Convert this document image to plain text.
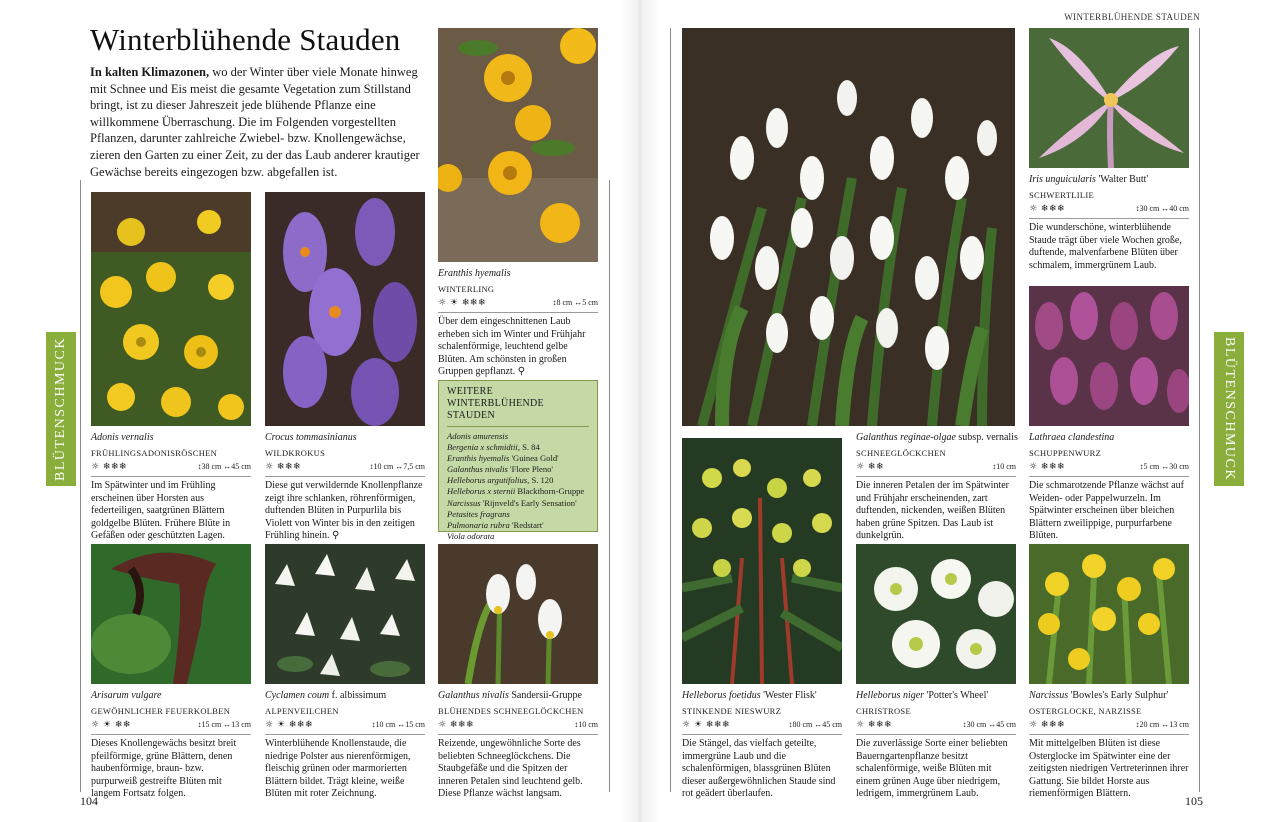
BLÜTENSCHMUCK
Winterblühende Stauden

In kalten Klimazonen, wo der Winter über viele Monate hinweg mit Schnee und Eis meist die gesamte Vegetation zum Stillstand bringt, ist zu dieser Jahreszeit jede blühende Pflanze eine willkommene Überraschung. Die im Folgenden vorgestellten Pflanzen, darunter zahlreiche Zwiebel- bzw. Knollengewächse, zieren den Garten zu einer Zeit, zu der das Laub anderer krautiger Gewächse bereits eingezogen bzw. abgefallen ist.

Adonis vernalis
FRÜHLINGSADONISRÖSCHEN
☼ ❄❄❄	↕38 cm ↔45 cm
Im Spätwinter und im Frühling erscheinen über Horsten aus federteiligen, saatgrünen Blättern goldgelbe Blüten. Frühere Blüte in Gefäßen oder geschützten Lagen.
Crocus tommasinianus
WILDKROKUS
☼ ❄❄❄	↕10 cm ↔7,5 cm
Diese gut verwildernde Knollenpflanze zeigt ihre schlanken, röhrenförmigen, duftenden Blüten in Purpurlila bis Violett von Winter bis in den zeitigen Frühling hinein. ⚲
Eranthis hyemalis
WINTERLING
☼ ☀ ❄❄❄	↕8 cm ↔5 cm
Über dem eingeschnittenen Laub erheben sich im Winter und Frühjahr schalenförmige, leuchtend gelbe Blüten. Am schönsten in großen Gruppen gepflanzt. ⚲
WEITERE WINTERBLÜHENDE STAUDEN
Adonis amurensis
Bergenia x schmidtii, S. 84
Eranthis hyemalis 'Guinea Gold'
Galanthus nivalis 'Flore Pleno'
Helleborus argutifolius, S. 120
Helleborus x sternii Blackthorn-Gruppe
Narcissus 'Rijnveld's Early Sensation'
Petasites fragrans
Pulmonaria rubra 'Redstart'
Viola odorata
Arisarum vulgare
GEWÖHNLICHER FEUERKOLBEN
☼ ☀ ❄❄	↕15 cm ↔13 cm
Dieses Knollengewächs besitzt breit pfeilförmige, grüne Blättern, denen haubenförmige, braun- bzw. purpurweiß gestreifte Blüten mit langem Fortsatz folgen.
Cyclamen coum f. albissimum
ALPENVEILCHEN
☼ ☀ ❄❄❄	↕10 cm ↔15 cm
Winterblühende Knollenstaude, die niedrige Polster aus nierenförmigen, fleischig grünen oder marmorierten Blättern bildet. Trägt kleine, weiße Blüten mit roter Zeichnung.
Galanthus nivalis Sandersii-Gruppe
BLÜHENDES SCHNEEGLÖCKCHEN
☼ ❄❄❄	↕10 cm
Reizende, ungewöhnliche Sorte des beliebten Schneeglöckchens. Die Staubgefäße und die Spitzen der inneren Petalen sind leuchtend gelb. Diese Pflanze wächst langsam.
104
WINTERBLÜHENDE STAUDEN
BLÜTENSCHMUCK
Galanthus reginae-olgae subsp. vernalis
SCHNEEGLÖCKCHEN
☼ ❄❄	↕10 cm
Die inneren Petalen der im Spätwinter und Frühjahr erscheinenden, zart duftenden, nickenden, weißen Blüten haben grüne Spitzen. Das Laub ist dunkelgrün.
Iris unguicularis 'Walter Butt'
SCHWERTLILIE
☼ ❄❄❄	↕30 cm ↔40 cm
Die wunderschöne, winterblühende Staude trägt über viele Wochen große, duftende, malvenfarbene Blüten über schmalem, immergrünem Laub.
Lathraea clandestina
SCHUPPENWURZ
☼ ❄❄❄	↕5 cm ↔30 cm
Die schmarotzende Pflanze wächst auf Weiden- oder Pappelwurzeln. Im Spätwinter erscheinen über bleichen Blättern zweilippige, purpurfarbene Blüten.
Helleborus foetidus 'Wester Flisk'
STINKENDE NIESWURZ
☼ ☀ ❄❄❄	↕80 cm ↔45 cm
Die Stängel, das vielfach geteilte, immergrüne Laub und die schalenförmigen, blassgrünen Blüten dieser außergewöhnlichen Staude sind rot geädert überlaufen.
Helleborus niger 'Potter's Wheel'
CHRISTROSE
☼ ❄❄❄	↕30 cm ↔45 cm
Die zuverlässige Sorte einer beliebten Bauerngartenpflanze besitzt schalenförmige, weiße Blüten mit einem grünen Auge über niedrigem, ledrigem, immergrünem Laub.
Narcissus 'Bowles's Early Sulphur'
OSTERGLOCKE, NARZISSE
☼ ❄❄❄	↕20 cm ↔13 cm
Mit mittelgelben Blüten ist diese Osterglocke im Spätwinter eine der zeitigsten niedrigen Vertreterinnen ihrer Gattung. Sie bildet Horste aus riemenförmigen Blättern.
105
